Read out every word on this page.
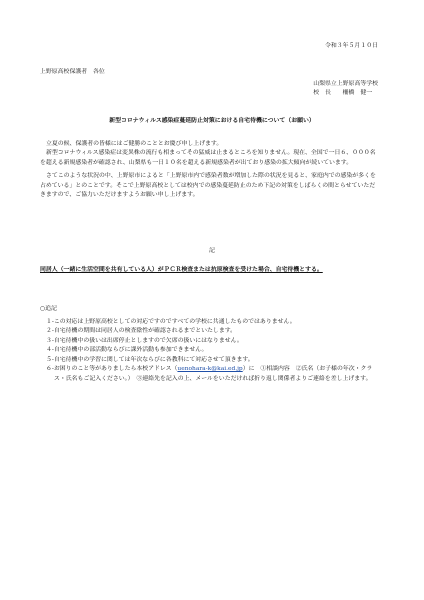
令和３年５月１０日
上野原高校保護者　各位
山梨県立上野原高等学校
校　長　　柵橋　健一
新型コロナウィルス感染症蔓延防止対策における自宅待機について（お願い）

立夏の候、保護者の皆様にはご健勝のこととお慶び申し上げます。

新型コロナウィルス感染症は変異株の流行も相まってその猛威は止まるところを知りません。現在、全国で一日６、０００名を超える新規感染者が確認され、山梨県も一日１０名を超える新規感染者が出ており感染の拡大傾向が続いています。

さてこのような状況の中、上野原市によると「上野原市内で感染者数が増加した際の状況を見ると、家庭内での感染が多くを占めている」とのことです。そこで上野原高校としては校内での感染蔓延防止のため下記の対策をしばらくの間とらせていただきますので、ご協力いただけますようお願い申し上げます。

記
同居人（一緒に生活空間を共有している人）がＰＣＲ検査または抗原検査を受けた場合、自宅待機とする。
○追記
１-この対応は上野原高校としての対応ですのですべての学校に共通したものではありません。
２-自宅待機の期間は同居人の検査陰性が確認されるまでといたします。
３-自宅待機中の扱いは出席停止としますので欠席の扱いにはなりません。
４-自宅待機中の部活動ならびに課外活動も参加できません。
５-自宅待機中の学習に関しては年次ならびに各教科にて対応させて頂きます。
６-お困りのこと等がありましたら本校アドレス（uenohara-k@kai.ed.jp）に　①相談内容　②氏名（お子様の年次・クラス・氏名もご記入ください。）　③連絡先を記入の上、メールをいただければ折り返し関係者よりご連絡を差し上げます。
